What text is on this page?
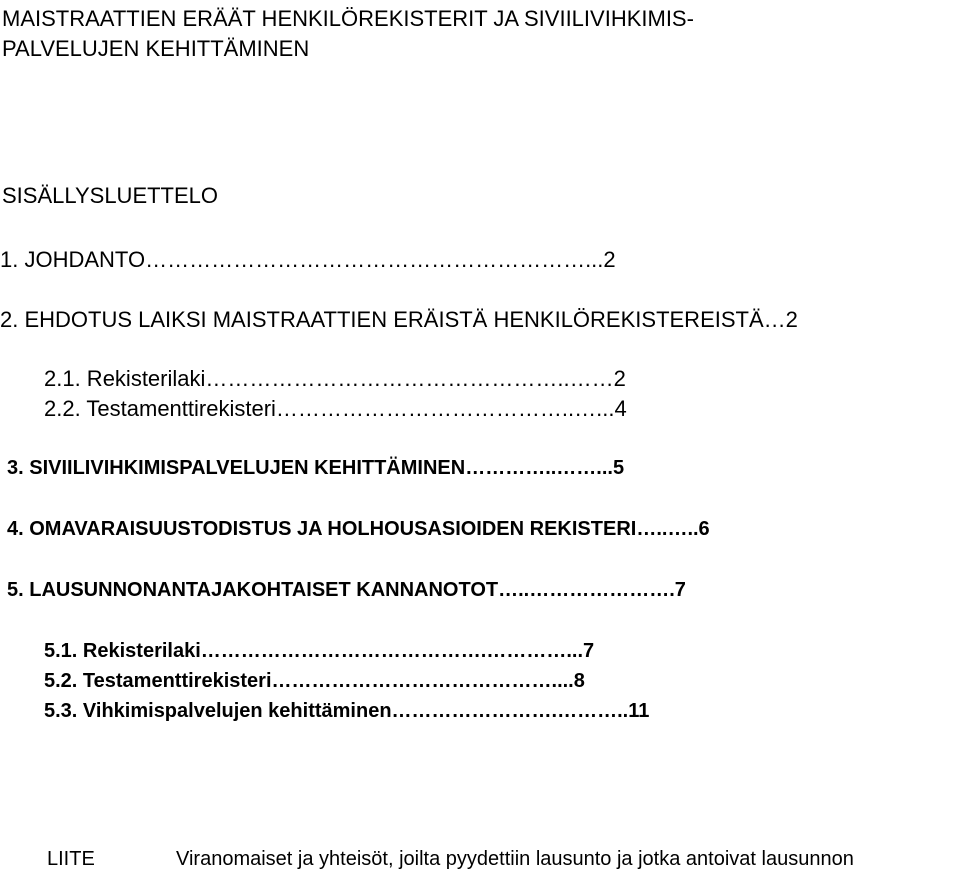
MAISTRAATTIEN ERÄÄT HENKILÖREKISTERIT JA SIVIILIVIHKIMIS-
PALVELUJEN KEHITTÄMINEN
SISÄLLYSLUETTELO
1. JOHDANTO……………………………………………………...2
2. EHDOTUS LAIKSI MAISTRAATTIEN ERÄISTÄ HENKILÖREKISTEREISTÄ…2
2.1. Rekisterilaki…………………………………………..……2
2.2. Testamenttirekisteri…………………………………..…...4
3. SIVIILIVIHKIMISPALVELUJEN KEHITTÄMINEN…………..……...5
4. OMAVARAISUUSTODISTUS JA HOLHOUSASIOIDEN REKISTERI…..…..6
5. LAUSUNNONANTAJAKOHTAISET KANNANOTOT…..………………….7
5.1. Rekisterilaki…………………………………….…………...7
5.2. Testamenttirekisteri……………………………………....8
5.3. Vihkimispalvelujen kehittäminen…………………….………..11
LIITE	Viranomaiset ja yhteisöt, joilta pyydettiin lausunto ja jotka antoivat lausunnon
